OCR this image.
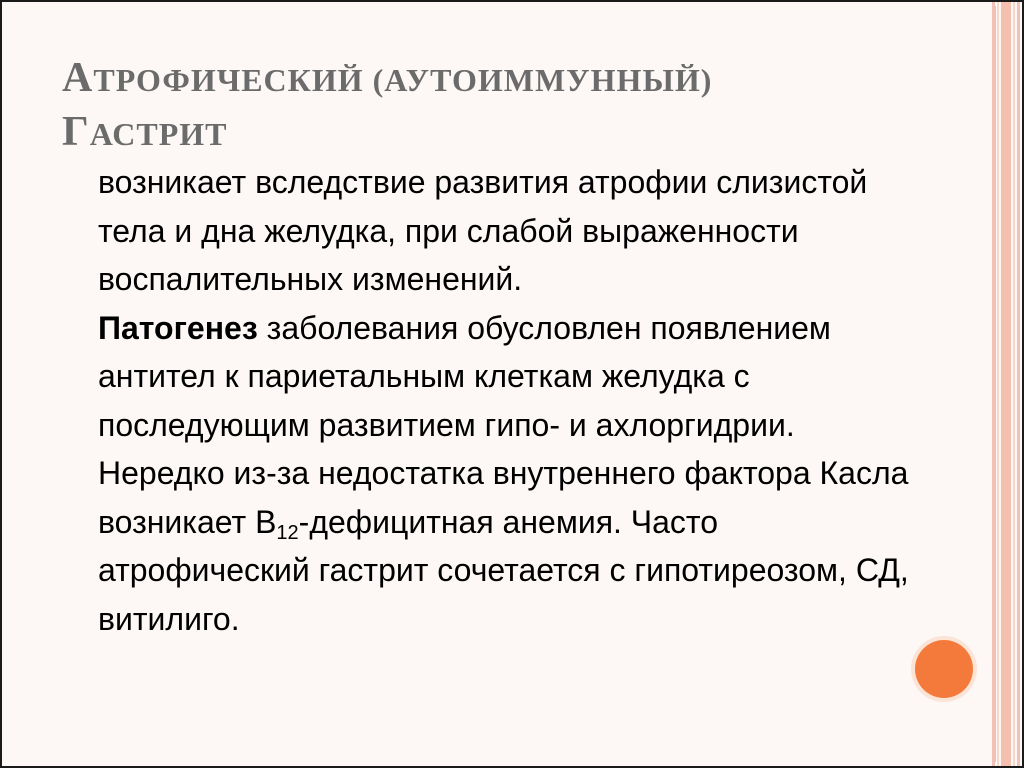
АТРОФИЧЕСКИЙ (АУТОИММУННЫЙ)
ГАСТРИТ
возникает вследствие развития атрофии слизистой тела и дна желудка, при слабой выраженности воспалительных изменений.
Патогенез заболевания обусловлен появлением антител к париетальным клеткам желудка с последующим развитием гипо- и ахлоргидрии. Нередко из-за недостатка внутреннего фактора Касла возникает $В_{12}$-дефицитная анемия. Часто атрофический гастрит сочетается с гипотиреозом, СД, витилиго.
